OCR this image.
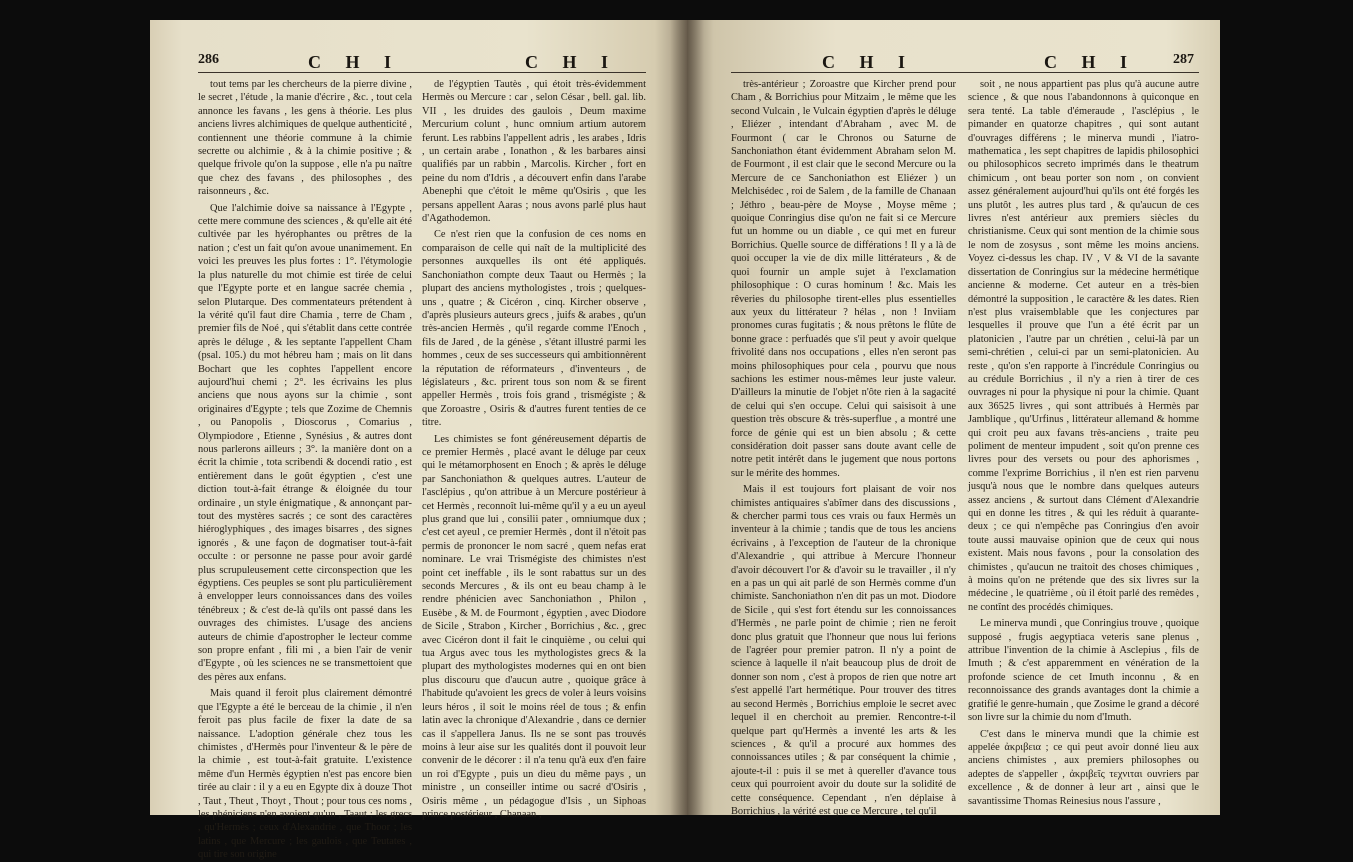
286	C H I	C H I

tout tems par les chercheurs de la pierre divine , le secret , l'étude , la manie d'écrire , &c. , tout cela annonce les favans , les gens à théorie. Les plus anciens livres alchimiques de quelque authenticité , contiennent une théorie commune à la chimie secrette ou alchimie , & à la chimie positive ; & quelque frivole qu'on la suppose , elle n'a pu naître que chez des favans , des philosophes , des raisonneurs , &c.

Que l'alchimie doive sa naissance à l'Egypte , cette mere commune des sciences , & qu'elle ait été cultivée par les hyérophantes ou prêtres de la nation ; c'est un fait qu'on avoue unanimement. En voici les preuves les plus fortes : 1°. l'étymologie la plus naturelle du mot chimie est tirée de celui que l'Egypte porte et en langue sacrée chemia , selon Plutarque. Des commentateurs prétendent à la vérité qu'il faut dire Chamia , terre de Cham , premier fils de Noé , qui s'établit dans cette contrée après le déluge , & les septante l'appellent Cham (psal. 105.) du mot hébreu ham ; mais on lit dans Bochart que les cophtes l'appellent encore aujourd'hui chemi ; 2°. les écrivains les plus anciens que nous ayons sur la chimie , sont originaires d'Egypte ; tels que Zozime de Chemnis , ou Panopolis , Dioscorus , Comarius , Olympiodore , Etienne , Synésius , & autres dont nous parlerons ailleurs ; 3°. la manière dont on a écrit la chimie , tota scribendi & docendi ratio , est entièrement dans le goût égyptien , c'est une diction tout-à-fait étrange & éloignée du tour ordinaire , un style énigmatique , & annonçant par-tout des mystères sacrés ; ce sont des caractères hiéroglyphiques , des images bisarres , des signes ignorés , & une façon de dogmatiser tout-à-fait occulte : or personne ne passe pour avoir gardé plus scrupuleusement cette circonspection que les égyptiens. Ces peuples se sont plu particulièrement à envelopper leurs connoissances dans des voiles ténébreux ; & c'est de-là qu'ils ont passé dans les ouvrages des chimistes. L'usage des anciens auteurs de chimie d'apostropher le lecteur comme son propre enfant , fili mi , a bien l'air de venir d'Egypte , où les sciences ne se transmettoient que des pères aux enfans.

Mais quand il feroit plus clairement démontré que l'Egypte a été le berceau de la chimie , il n'en feroit pas plus facile de fixer la date de sa naissance. L'adoption générale chez tous les chimistes , d'Hermès pour l'inventeur & le père de la chimie , est tout-à-fait gratuite. L'existence même d'un Hermès égyptien n'est pas encore bien tirée au clair : il y a eu en Egypte dix à douze Thot , Taut , Theut , Thoyt , Thout ; pour tous ces noms , les phéniciens n'en avoient qu'un , Taaut ; les grecs , qu'Hermès ; ceux d'Alexandrie , que Thoor ; les latins , que Mercure ; les gaulois , que Teutates , qui tire son origine

de l'égyptien Tautès , qui étoit très-évidemment Hermès ou Mercure : car , selon César , bell. gal. lib. VII , les druides des gaulois , Deum maxime Mercurium colunt , hunc omnium artium autorem ferunt. Les rabbins l'appellent adris , les arabes , Idris , un certain arabe , Ionathon , & les barbares ainsi qualifiés par un rabbin , Marcolis. Kircher , fort en peine du nom d'Idris , a découvert enfin dans l'arabe Abenephi que c'étoit le même qu'Osiris , que les persans appellent Aaras ; nous avons parlé plus haut d'Agathodemon.

Ce n'est rien que la confusion de ces noms en comparaison de celle qui naît de la multiplicité des personnes auxquelles ils ont été appliqués. Sanchoniathon compte deux Taaut ou Hermès ; la plupart des anciens mythologistes , trois ; quelques-uns , quatre ; & Cicéron , cinq. Kircher observe , d'après plusieurs auteurs grecs , juifs & arabes , qu'un très-ancien Hermès , qu'il regarde comme l'Enoch , fils de Jared , de la génèse , s'étant illustré parmi les hommes , ceux de ses successeurs qui ambitionnèrent la réputation de réformateurs , d'inventeurs , de législateurs , &c. prirent tous son nom & se firent appeller Hermès , trois fois grand , trismégiste ; & que Zoroastre , Osiris & d'autres furent tenties de ce titre.

Les chimistes se font généreusement départis de ce premier Hermès , placé avant le déluge par ceux qui le métamorphosent en Enoch ; & après le déluge par Sanchoniathon & quelques autres. L'auteur de l'asclépius , qu'on attribue à un Mercure postérieur à cet Hermès , reconnoît lui-même qu'il y a eu un ayeul plus grand que lui , consilii pater , omniumque dux ; c'est cet ayeul , ce premier Hermès , dont il n'étoit pas permis de prononcer le nom sacré , quem nefas erat nominare. Le vrai Trismégiste des chimistes n'est point cet ineffable , ils le sont rabattus sur un des seconds Mercures , & ils ont eu beau champ à le rendre phénicien avec Sanchoniathon , Philon , Eusèbe , & M. de Fourmont , égyptien , avec Diodore de Sicile , Strabon , Kircher , Borrichius , &c. , grec avec Cicéron dont il fait le cinquième , ou celui qui tua Argus avec tous les mythologistes grecs & la plupart des mythologistes modernes qui en ont bien plus discouru que d'aucun autre , quoique grâce à l'habitude qu'avoient les grecs de voler à leurs voisins leurs héros , il soit le moins réel de tous ; & enfin latin avec la chronique d'Alexandrie , dans ce dernier cas il s'appellera Janus. Ils ne se sont pas trouvés moins à leur aise sur les qualités dont il pouvoit leur convenir de le décorer : il n'a tenu qu'à eux d'en faire un roi d'Egypte , puis un dieu du même pays , un ministre , un conseiller intime ou sacré d'Osiris , Osiris même , un pédagogue d'Isis , un Siphoas prince postérieur , Chanaan ,

C H I	C H I	287

très-antérieur ; Zoroastre que Kircher prend pour Cham , & Borrichius pour Mitzaim , le même que les second Vulcain , le Vulcain égyptien d'après le déluge , Eliézer , intendant d'Abraham , avec M. de Fourmont ( car le Chronos ou Saturne de Sanchoniathon étant évidemment Abraham selon M. de Fourmont , il est clair que le second Mercure ou la Mercure de ce Sanchoniathon est Eliézer ) un Melchisédec , roi de Salem , de la famille de Chanaan ; Jéthro , beau-père de Moyse , Moyse même ; quoique Conringius dise qu'on ne fait si ce Mercure fut un homme ou un diable , ce qui met en fureur Borrichius. Quelle source de différations ! Il y a là de quoi occuper la vie de dix mille littérateurs , & de quoi fournir un ample sujet à l'exclamation philosophique : O curas hominum ! &c. Mais les rêveries du philosophe tirent-elles plus essentielles aux yeux du littérateur ? hélas , non ! Inviiam pronomes curas fugitatis ; & nous prêtons le flûte de bonne grace : perfuadés que s'il peut y avoir quelque frivolité dans nos occupations , elles n'en seront pas moins philosophiques pour cela , pourvu que nous sachions les estimer nous-mêmes leur juste valeur. D'ailleurs la minutie de l'objet n'ôte rien à la sagacité de celui qui s'en occupe. Celui qui saisisoit à une question très obscure & très-superflue , a montré une force de génie qui est un bien absolu ; & cette considération doit passer sans doute avant celle de notre petit intérêt dans le jugement que nous portons sur le mérite des hommes.

Mais il est toujours fort plaisant de voir nos chimistes antiquaires s'abîmer dans des discussions , & chercher parmi tous ces vrais ou faux Hermès un inventeur à la chimie ; tandis que de tous les anciens écrivains , à l'exception de l'auteur de la chronique d'Alexandrie , qui attribue à Mercure l'honneur d'avoir découvert l'or & d'avoir su le travailler , il n'y en a pas un qui ait parlé de son Hermès comme d'un chimiste. Sanchoniathon n'en dit pas un mot. Diodore de Sicile , qui s'est fort étendu sur les connoissances d'Hermès , ne parle point de chimie ; rien ne feroit donc plus gratuit que l'honneur que nous lui ferions de l'agréer pour premier patron. Il n'y a point de science à laquelle il n'ait beaucoup plus de droit de donner son nom , c'est à propos de rien que notre art s'est appellé l'art hermétique. Pour trouver des titres au second Hermès , Borrichius emploie le secret avec lequel il en cherchoit au premier. Rencontre-t-il quelque part qu'Hermès a inventé les arts & les sciences , & qu'il a procuré aux hommes des connoissances utiles ; & par conséquent la chimie , ajoute-t-il : puis il se met à quereller d'avance tous ceux qui pourroient avoir du doute sur la solidité de cette conséquence. Cependant , n'en déplaise à Borrichius , la vérité est que ce Mercure , tel qu'il

soit , ne nous appartient pas plus qu'à aucune autre science , & que nous l'abandonnons à quiconque en sera tenté. La table d'émeraude , l'asclépius , le pimander en quatorze chapitres , qui sont autant d'ouvrages différens ; le minerva mundi , l'iatro-mathematica , les sept chapitres de lapidis philosophici ou philosophicos secreto imprimés dans le theatrum chimicum , ont beau porter son nom , on convient assez généralement aujourd'hui qu'ils ont été forgés les uns plutôt , les autres plus tard , & qu'aucun de ces livres n'est antérieur aux premiers siècles du christianisme. Ceux qui sont mention de la chimie sous le nom de zosysus , sont même les moins anciens. Voyez ci-dessus les chap. IV , V & VI de la savante dissertation de Conringius sur la médecine hermétique ancienne & moderne. Cet auteur en a très-bien démontré la supposition , le caractère & les dates. Rien n'est plus vraisemblable que les conjectures par lesquelles il prouve que l'un a été écrit par un platonicien , l'autre par un chrétien , celui-là par un semi-chrétien , celui-ci par un semi-platonicien. Au reste , qu'on s'en rapporte à l'incrédule Conringius ou au crédule Borrichius , il n'y a rien à tirer de ces ouvrages ni pour la physique ni pour la chimie. Quant aux 36525 livres , qui sont attribués à Hermès par Jamblique , qu'Urfinus , littérateur allemand & homme qui croit peu aux favans très-anciens , traite peu poliment de menteur impudent , soit qu'on prenne ces livres pour des versets ou pour des aphorismes , comme l'exprime Borrichius , il n'en est rien parvenu jusqu'à nous que le nombre dans quelques auteurs assez anciens , & surtout dans Clément d'Alexandrie qui en donne les titres , & qui les réduit à quarante-deux ; ce qui n'empêche pas Conringius d'en avoir toute aussi mauvaise opinion que de ceux qui nous existent. Mais nous favons , pour la consolation des chimistes , qu'aucun ne traitoit des choses chimiques , à moins qu'on ne prétende que des six livres sur la médecine , le quatrième , où il étoit parlé des remèdes , ne contînt des procédés chimiques.

Le minerva mundi , que Conringius trouve , quoique supposé , frugis aegyptiaca veteris sane plenus , attribue l'invention de la chimie à Asclepius , fils de Imuth ; & c'est apparemment en vénération de la profonde science de cet Imuth inconnu , & en reconnoissance des grands avantages dont la chimie a gratifié le genre-humain , que Zosime le grand a décoré son livre sur la chimie du nom d'Imuth.

C'est dans le minerva mundi que la chimie est appelée ἀκριβεια ; ce qui peut avoir donné lieu aux anciens chimistes , aux premiers philosophes ou adeptes de s'appeller , ἀκριβεῖς τεχνιται ouvriers par excellence , & de donner à leur art , ainsi que le savantissime Thomas Reinesius nous l'assure ,
